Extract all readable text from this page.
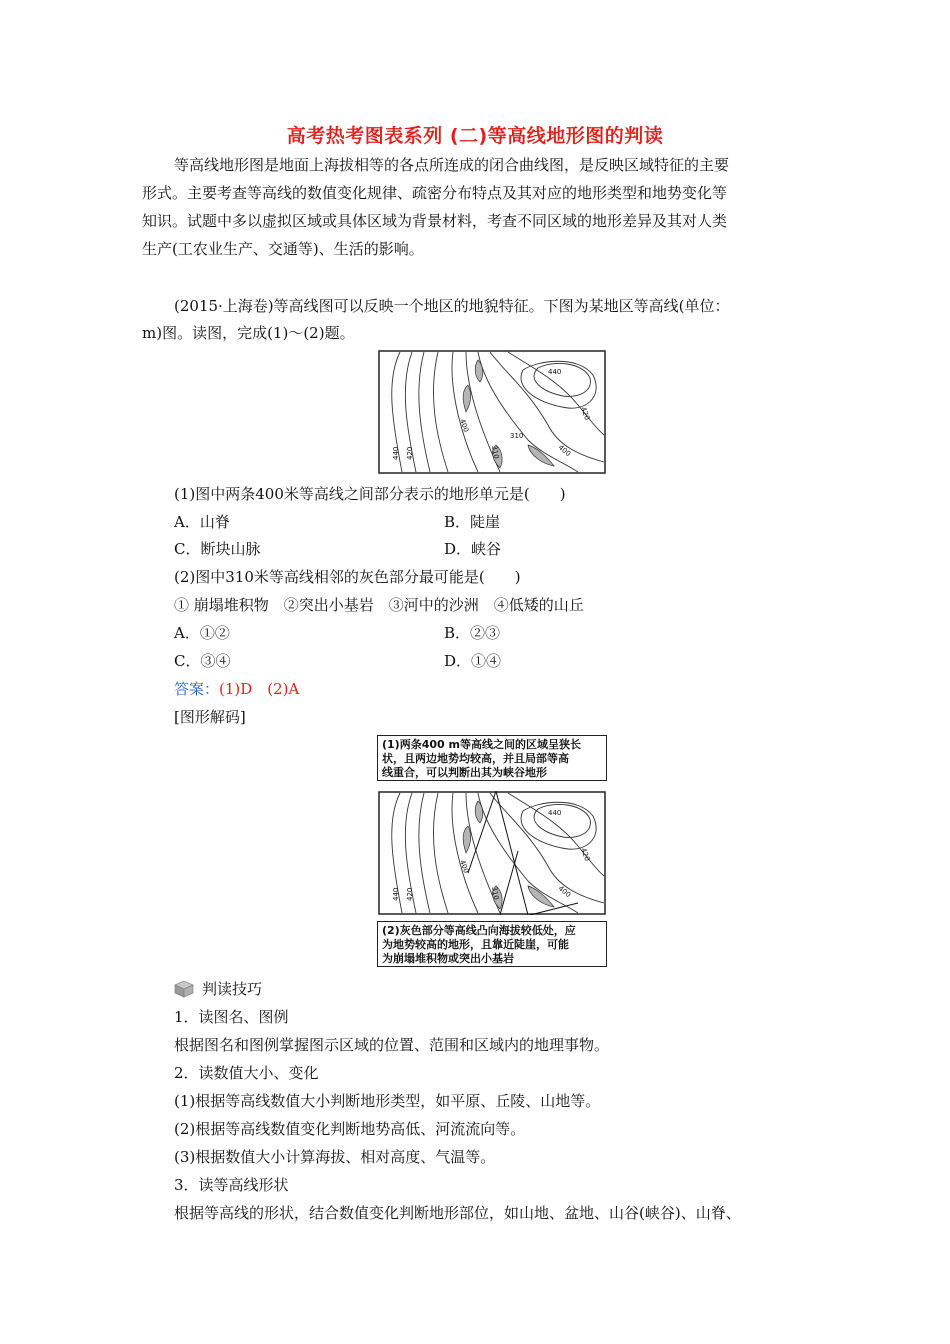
高考热考图表系列 (二)等高线地形图的判读
等高线地形图是地面上海拔相等的各点所连成的闭合曲线图，是反映区域特征的主要
形式。主要考查等高线的数值变化规律、疏密分布特点及其对应的地形类型和地势变化等
知识。试题中多以虚拟区域或具体区域为背景材料，考查不同区域的地形差异及其对人类
生产(工农业生产、交通等)、生活的影响。
(2015·上海卷)等高线图可以反映一个地区的地貌特征。下图为某地区等高线(单位：
m)图。读图，完成(1)～(2)题。
440
420
440 420
400
310
310	400
(1)图中两条400米等高线之间部分表示的地形单元是(　　)
A．山脊	B．陡崖
C．断块山脉	D．峡谷
(2)图中310米等高线相邻的灰色部分最可能是(　　)
① 崩塌堆积物　②突出小基岩　③河中的沙洲　④低矮的山丘
A．①②	B．②③
C．③④	D．①④
答案：(1)D　(2)A
[图形解码]
(1)两条400 m等高线之间的区域呈狭长
状，且两边地势均较高，并且局部等高
线重合，可以判断出其为峡谷地形
440
420
440 420
400
310	400
(2)灰色部分等高线凸向海拔较低处，应
为地势较高的地形，且靠近陡崖，可能
为崩塌堆积物或突出小基岩
判读技巧
1．读图名、图例
根据图名和图例掌握图示区域的位置、范围和区域内的地理事物。
2．读数值大小、变化
(1)根据等高线数值大小判断地形类型，如平原、丘陵、山地等。
(2)根据等高线数值变化判断地势高低、河流流向等。
(3)根据数值大小计算海拔、相对高度、气温等。
3．读等高线形状
根据等高线的形状，结合数值变化判断地形部位，如山地、盆地、山谷(峡谷)、山脊、
